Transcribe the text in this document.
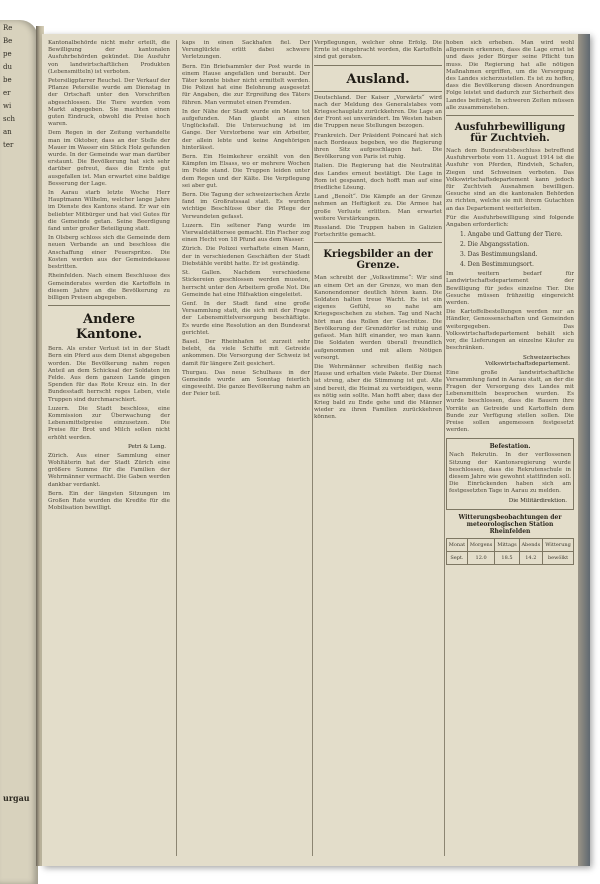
Re
Be
pe
du
be
er
wi
sch
an
ter
urgau

Kantonalbehörde nicht mehr erteilt, die Bewilligung der kantonalen Ausfuhrbehörden gekündet. Die Ausfuhr von landwirtschaftlichen Produkten (Lebensmitteln) ist verboten.

Petersiligpfarrer Reuchel. Der Verkauf der Pflanze Petersilie wurde am Dienstag in der Ortschaft unter den Vorschriften abgeschlossen. Die Tiere wurden vom Markt abgegeben. Sie machten einen guten Eindruck, obwohl die Preise hoch waren.

Dem Regen in der Zeitung verhandelte man im Oktober, dass an der Stelle der Mauer im Wasser ein Stück Holz gefunden wurde. In der Gemeinde war man darüber erstaunt. Die Bevölkerung hat sich sehr darüber gefreut, dass die Ernte gut ausgefallen ist. Man erwartet eine baldige Besserung der Lage.

In Aarau starb letzte Woche Herr Hauptmann Wilhelm, welcher lange Jahre im Dienste des Kantons stand. Er war ein beliebter Mitbürger und hat viel Gutes für die Gemeinde getan. Seine Beerdigung fand unter großer Beteiligung statt.

In Olsberg schloss sich die Gemeinde dem neuen Verbande an und beschloss die Anschaffung einer Feuerspritze. Die Kosten werden aus der Gemeindekasse bestritten.

Rheinfelden. Nach einem Beschlusse des Gemeinderates werden die Kartoffeln in diesem Jahre an die Bevölkerung zu billigen Preisen abgegeben.

Andere Kantone.

Bern. Als erster Verlust ist in der Stadt Bern ein Pferd aus dem Dienst abgegeben worden. Die Bevölkerung nahm regen Anteil an dem Schicksal der Soldaten im Felde. Aus dem ganzen Lande gingen Spenden für das Rote Kreuz ein. In der Bundesstadt herrscht reges Leben, viele Truppen sind durchmarschiert.

Luzern. Die Stadt beschloss, eine Kommission zur Überwachung der Lebensmittelpreise einzusetzen. Die Preise für Brot und Milch sollen nicht erhöht werden.

Petri & Leng.

Zürich. Aus einer Sammlung einer Wohltäterin hat der Stadt Zürich eine größere Summe für die Familien der Wehrmänner vermacht. Die Gaben werden dankbar verdankt.

Bern. Ein der längsten Sitzungen im Großen Rate wurden die Kredite für die Mobilisation bewilligt.

kaps in einen Sackhafen fiel. Der Verunglückte erlitt dabei schwere Verletzungen.

Bern. Ein Briefsammler der Post wurde in einem Hause angefallen und beraubt. Der Täter konnte bisher nicht ermittelt werden. Die Polizei hat eine Belohnung ausgesetzt für Angaben, die zur Ergreifung des Täters führen. Man vermutet einen Fremden.

In der Nähe der Stadt wurde ein Mann tot aufgefunden. Man glaubt an einen Unglücksfall. Die Untersuchung ist im Gange. Der Verstorbene war ein Arbeiter, der allein lebte und keine Angehörigen hinterlässt.

Bern. Ein Heimkehrer erzählt von den Kämpfen im Elsass, wo er mehrere Wochen im Felde stand. Die Truppen leiden unter dem Regen und der Kälte. Die Verpflegung sei aber gut.

Bern. Die Tagung der schweizerischen Ärzte fand im Großratssaal statt. Es wurden wichtige Beschlüsse über die Pflege der Verwundeten gefasst.

Luzern. Ein seltener Fang wurde im Vierwaldstättersee gemacht. Ein Fischer zog einen Hecht von 18 Pfund aus dem Wasser.

Zürich. Die Polizei verhaftete einen Mann, der in verschiedenen Geschäften der Stadt Diebstähle verübt hatte. Er ist geständig.

St. Gallen. Nachdem verschiedene Stickereien geschlossen werden mussten, herrscht unter den Arbeitern große Not. Die Gemeinde hat eine Hilfsaktion eingeleitet.

Genf. In der Stadt fand eine große Versammlung statt, die sich mit der Frage der Lebensmittelversorgung beschäftigte. Es wurde eine Resolution an den Bundesrat gerichtet.

Basel. Der Rheinhafen ist zurzeit sehr belebt, da viele Schiffe mit Getreide ankommen. Die Versorgung der Schweiz ist damit für längere Zeit gesichert.

Thurgau. Das neue Schulhaus in der Gemeinde wurde am Sonntag feierlich eingeweiht. Die ganze Bevölkerung nahm an der Feier teil.

Verpflegungen, welcher ohne Erfolg. Die Ernte ist eingebracht worden, die Kartoffeln sind gut geraten.

Ausland.

Deutschland. Der Kaiser „Vorwärts“ wird nach der Meldung des Generalstabes vom Kriegsschauplatz zurückkehren. Die Lage an der Front sei unverändert. Im Westen haben die Truppen neue Stellungen bezogen.

Frankreich. Der Präsident Poincaré hat sich nach Bordeaux begeben, wo die Regierung ihren Sitz aufgeschlagen hat. Die Bevölkerung von Paris ist ruhig.

Italien. Die Regierung hat die Neutralität des Landes erneut bestätigt. Die Lage in Rom ist gespannt, doch hofft man auf eine friedliche Lösung.

Land „Benoît“. Die Kämpfe an der Grenze nehmen an Heftigkeit zu. Die Armee hat große Verluste erlitten. Man erwartet weitere Verstärkungen.

Russland. Die Truppen haben in Galizien Fortschritte gemacht.

Kriegsbilder an der Grenze.

Man schreibt der „Volksstimme“: Wir sind an einem Ort an der Grenze, wo man den Kanonendonner deutlich hören kann. Die Soldaten halten treue Wacht. Es ist ein eigenes Gefühl, so nahe am Kriegsgeschehen zu stehen. Tag und Nacht hört man das Rollen der Geschütze. Die Bevölkerung der Grenzdörfer ist ruhig und gefasst. Man hilft einander, wo man kann. Die Soldaten werden überall freundlich aufgenommen und mit allem Nötigen versorgt.

Die Wehrmänner schreiben fleißig nach Hause und erhalten viele Pakete. Der Dienst ist streng, aber die Stimmung ist gut. Alle sind bereit, die Heimat zu verteidigen, wenn es nötig sein sollte. Man hofft aber, dass der Krieg bald zu Ende gehe und die Männer wieder zu ihren Familien zurückkehren können.

hoben sich erheben. Man wird wohl allgemein erkennen, dass die Lage ernst ist und dass jeder Bürger seine Pflicht tun muss. Die Regierung hat alle nötigen Maßnahmen ergriffen, um die Versorgung des Landes sicherzustellen. Es ist zu hoffen, dass die Bevölkerung diesen Anordnungen Folge leistet und dadurch zur Sicherheit des Landes beiträgt. In schweren Zeiten müssen alle zusammenstehen.

Ausfuhrbewilligung für Zuchtvieh.

Nach dem Bundesratsbeschluss betreffend Ausfuhrverbote vom 11. August 1914 ist die Ausfuhr von Pferden, Rindvieh, Schafen, Ziegen und Schweinen verboten. Das Volkswirtschaftsdepartement kann jedoch für Zuchtvieh Ausnahmen bewilligen. Gesuche sind an die kantonalen Behörden zu richten, welche sie mit ihrem Gutachten an das Departement weiterleiten.

Für die Ausfuhrbewilligung sind folgende Angaben erforderlich:

1. Angabe und Gattung der Tiere.
2. Die Abgangsstation.
3. Das Bestimmungsland.
4. Den Bestimmungsort.

Im weitern bedarf für Landwirtschaftsdepartement der Bewilligung für jedes einzelne Tier. Die Gesuche müssen frühzeitig eingereicht werden.

Die Kartoffelbestellungen werden nur an Händler, Genossenschaften und Gemeinden weitergegeben. Das Volkswirtschaftsdepartement behält sich vor, die Lieferungen an einzelne Käufer zu beschränken.

Schweizerisches Volkswirtschaftsdepartement.

Eine große landwirtschaftliche Versammlung fand in Aarau statt, an der die Fragen der Versorgung des Landes mit Lebensmitteln besprochen wurden. Es wurde beschlossen, dass die Bauern ihre Vorräte an Getreide und Kartoffeln dem Bunde zur Verfügung stellen sollen. Die Preise sollen angemessen festgesetzt werden.

Befestation.

Nach Rekrutin. In der verflossenen Sitzung der Kantonsregierung wurde beschlossen, dass die Rekrutenschule in diesem Jahre wie gewohnt stattfinden soll. Die Einrückenden haben sich am festgesetzten Tage in Aarau zu melden.

Die Militärdirektion.
Witterungsbeobachtungen der meteorologischen Station Rheinfelden
Monat	Morgens	Mittags	Abends	Witterung
Sept.	12.0	18.5	14.2	bewölkt
